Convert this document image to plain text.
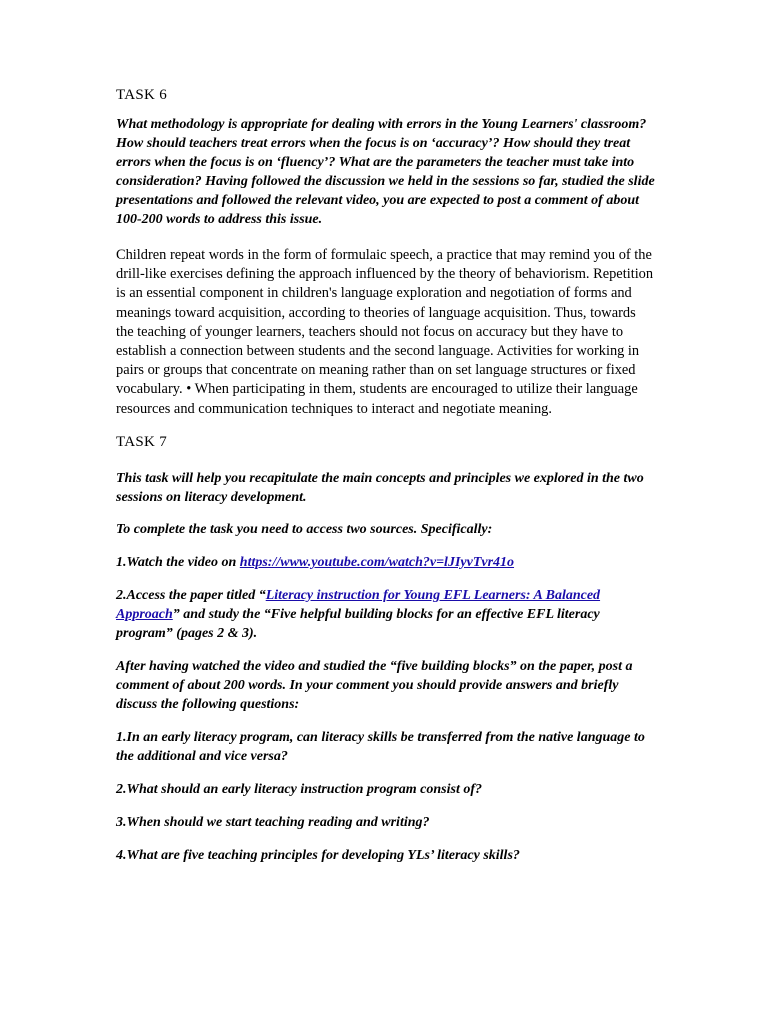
TASK 6

What methodology is appropriate for dealing with errors in the Young Learners' classroom? How should teachers treat errors when the focus is on ‘accuracy’? How should they treat errors when the focus is on ‘fluency’? What are the parameters the teacher must take into consideration? Having followed the discussion we held in the sessions so far, studied the slide presentations and followed the relevant video, you are expected to post a comment of about 100-200 words to address this issue.

Children repeat words in the form of formulaic speech, a practice that may remind you of the drill-like exercises defining the approach influenced by the theory of behaviorism. Repetition is an essential component in children's language exploration and negotiation of forms and meanings toward acquisition, according to theories of language acquisition. Thus, towards the teaching of younger learners, teachers should not focus on accuracy but they have to establish a connection between students and the second language. Activities for working in pairs or groups that concentrate on meaning rather than on set language structures or fixed vocabulary. • When participating in them, students are encouraged to utilize their language resources and communication techniques to interact and negotiate meaning.

TASK 7

This task will help you recapitulate the main concepts and principles we explored in the two sessions on literacy development.

To complete the task you need to access two sources. Specifically:

1.Watch the video on https://www.youtube.com/watch?v=lJIyvTvr41o

2.Access the paper titled “Literacy instruction for Young EFL Learners: A Balanced Approach” and study the “Five helpful building blocks for an effective EFL literacy program” (pages 2 & 3).

After having watched the video and studied the “five building blocks” on the paper, post a comment of about 200 words. In your comment you should provide answers and briefly discuss the following questions:

1.In an early literacy program, can literacy skills be transferred from the native language to the additional and vice versa?

2.What should an early literacy instruction program consist of?

3.When should we start teaching reading and writing?

4.What are five teaching principles for developing YLs’ literacy skills?
